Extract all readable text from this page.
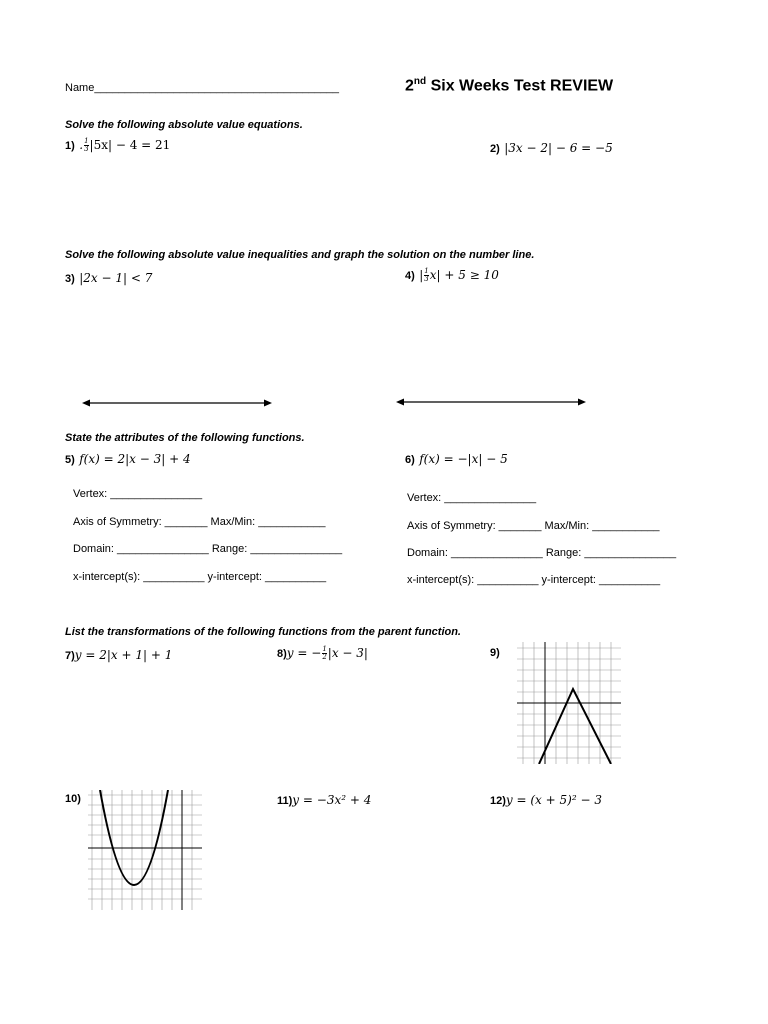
Name________________________________________	2nd Six Weeks Test REVIEW
Solve the following absolute value equations.
1) . $\frac{1}{3} |5x| - 4 = 21$	2) |3x − 2| − 6 = −5
Solve the following absolute value inequalities and graph the solution on the number line.
3) |2x − 1| < 7	4) | $\frac{1}{3} x| + 5 \ge 10$
State the attributes of the following functions.
5) f(x) = 2|x − 3| + 4	6) f(x) = −|x| − 5
Vertex: _______________
Axis of Symmetry: _______ Max/Min: ___________
Domain: _______________ Range: _______________
x-intercept(s): __________ y-intercept: __________
Vertex: _______________
Axis of Symmetry: _______ Max/Min: ___________
Domain: _______________ Range: _______________
x-intercept(s): __________ y-intercept: __________
List the transformations of the following functions from the parent function.
7)y = 2|x + 1| + 1	8)y = − $\frac{1}{2} |x - 3|$	9)
10)	11)y = −3x² + 4	12)y = (x + 5)² − 3
